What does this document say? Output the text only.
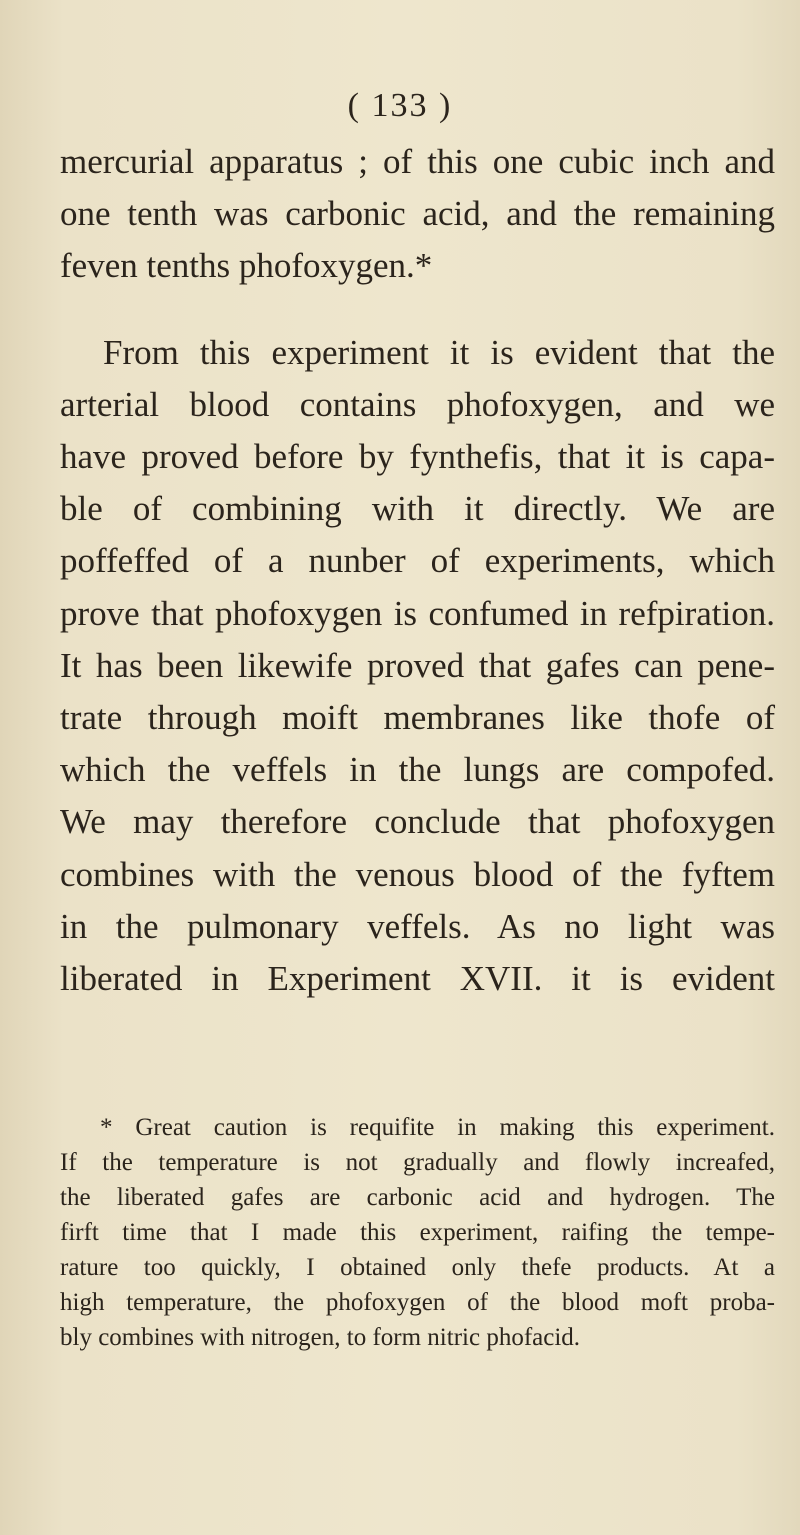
( 133 )
mercurial apparatus ; of this one cubic inch and
one tenth was carbonic acid, and the remaining
feven tenths phofoxygen.*
From this experiment it is evident that the
arterial blood contains phofoxygen, and we
have proved before by fynthefis, that it is capa-
ble of combining with it directly. We are
poffeffed of a nunber of experiments, which
prove that phofoxygen is confumed in refpiration.
It has been likewife proved that gafes can pene-
trate through moift membranes like thofe of
which the veffels in the lungs are compofed.
We may therefore conclude that phofoxygen
combines with the venous blood of the fyftem
in the pulmonary veffels. As no light was
liberated in Experiment XVII. it is evident
* Great caution is requifite in making this experiment.
If the temperature is not gradually and flowly increafed,
the liberated gafes are carbonic acid and hydrogen. The
firft time that I made this experiment, raifing the tempe-
rature too quickly, I obtained only thefe products. At a
high temperature, the phofoxygen of the blood moft proba-
bly combines with nitrogen, to form nitric phofacid.
